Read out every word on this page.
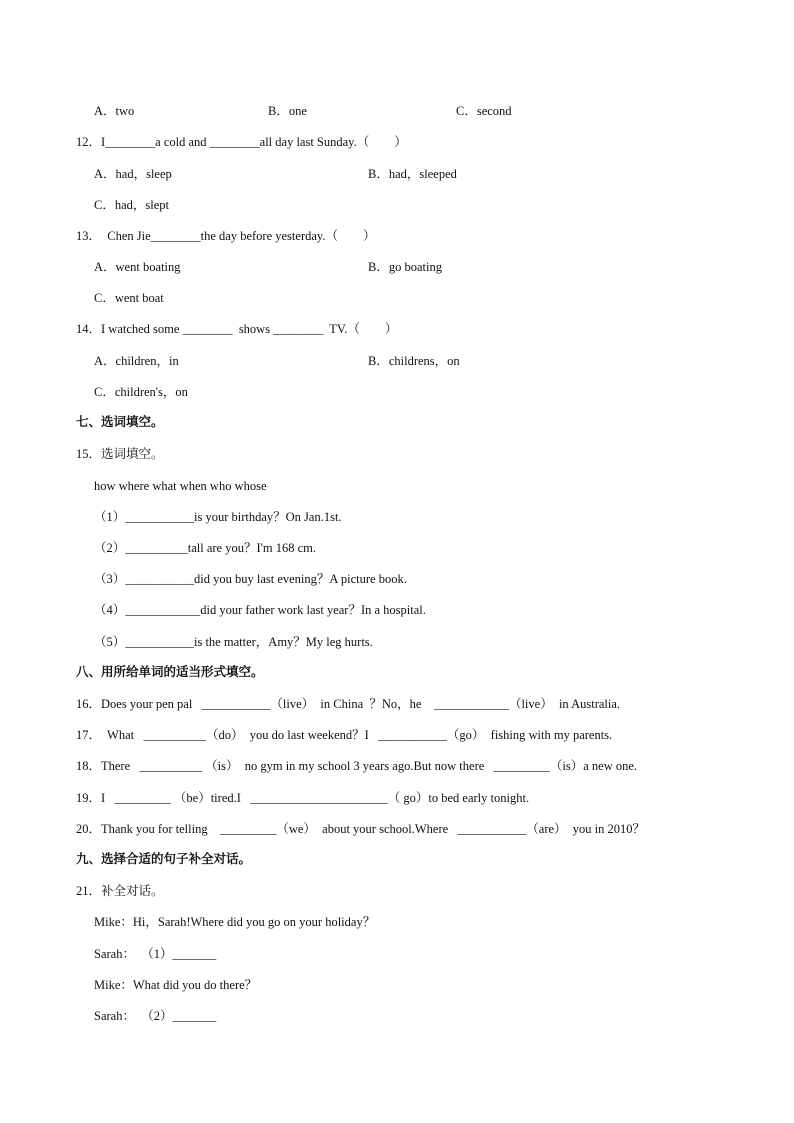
A．two	B．one	C．second
12．I________a cold and ________all day last Sunday.（　　）
A．had，sleep	B．had，sleeped
C．had，slept
13．  Chen Jie________the day before yesterday.（　　）
A．went boating	B．go boating
C．went boat
14．I watched some ________  shows ________  TV.（　　）
A．children，in	B．childrens，on
C．children's，on
七、选词填空。
15．选词填空。
how where what when who whose
（1）___________is your birthday？On Jan.1st.
（2）__________tall are you？I'm 168 cm.
（3）___________did you buy last evening？A picture book.
（4）____________did your father work last year？In a hospital.
（5）___________is the matter，Amy？My leg hurts.
八、用所给单词的适当形式填空。
16．Does your pen pal   ___________（live）  in China  ？No，he    ____________（live）  in Australia.
17．  What   __________（do）  you do last weekend？I   ___________（go）  fishing with my parents.
18．There   __________ （is）  no gym in my school 3 years ago.But now there   _________（is）a new one.
19．I   _________ （be）tired.I   ______________________（ go）to bed early tonight.
20．Thank you for telling    _________（we）  about your school.Where   ___________（are）  you in 2010？
九、选择合适的句子补全对话。
21．补全对话。
Mike：Hi，Sarah!Where did you go on your holiday？
Sarah：  （1）_______
Mike：What did you do there？
Sarah：  （2）_______
